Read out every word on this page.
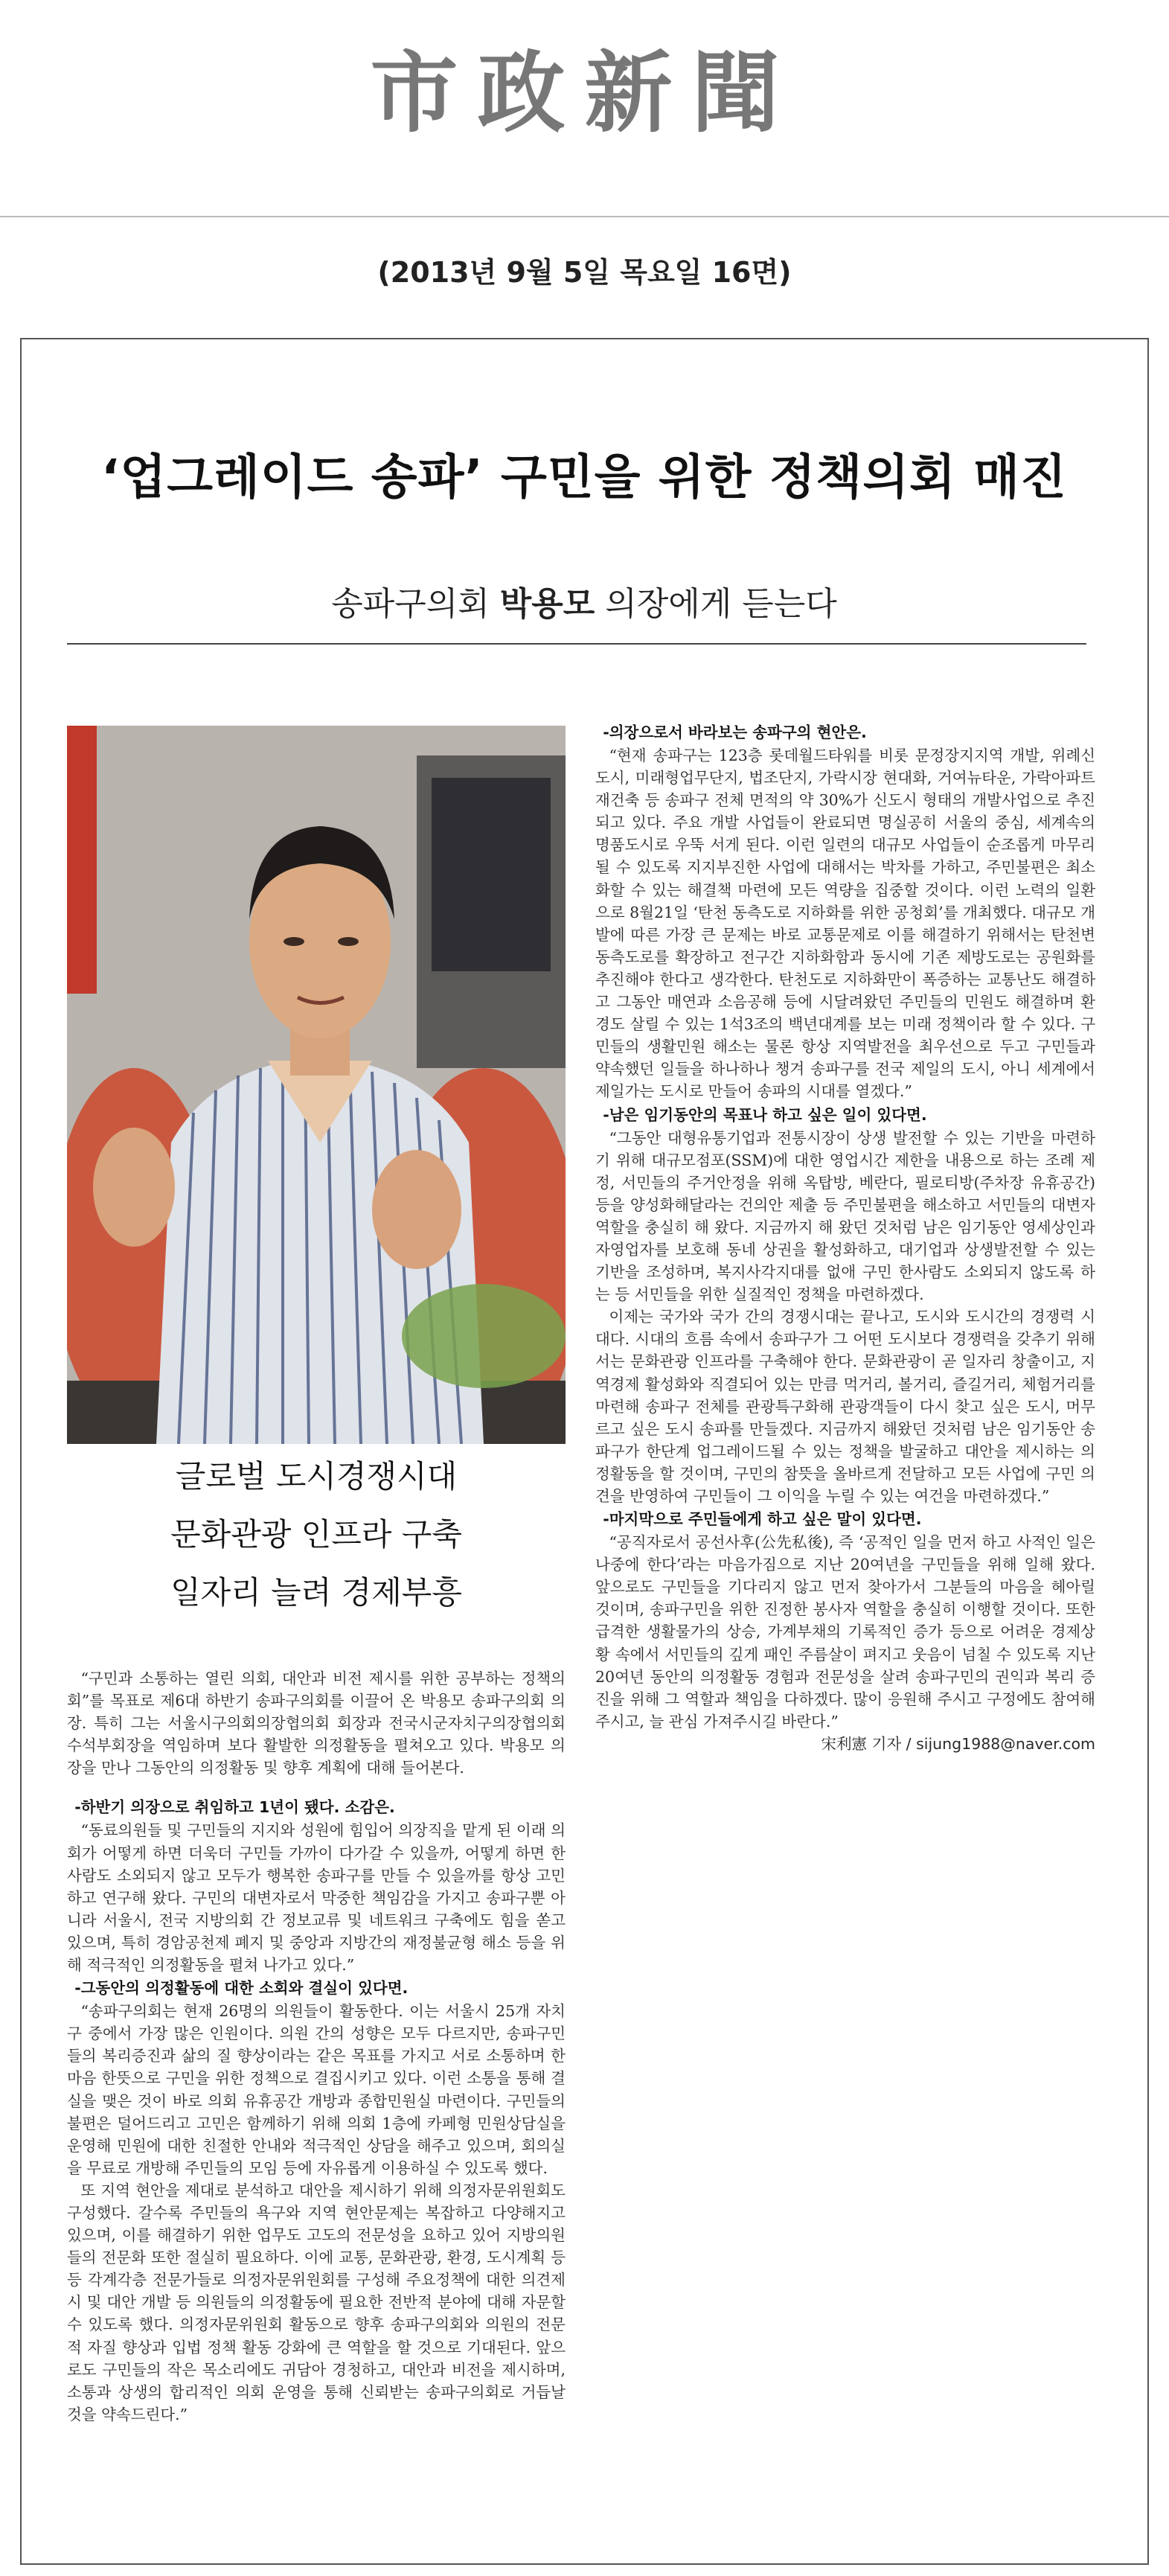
市政新聞
(2013년 9월 5일 목요일 16면)
‘업그레이드 송파’ 구민을 위한 정책의회 매진
송파구의회 박용모 의장에게 듣는다
글로벌 도시경쟁시대
문화관광 인프라 구축
일자리 늘려 경제부흥

“구민과 소통하는 열린 의회, 대안과 비전 제시를 위한 공부하는 정책의회”를 목표로 제6대 하반기 송파구의회를 이끌어 온 박용모 송파구의회 의장. 특히 그는 서울시구의회의장협의회 회장과 전국시군자치구의장협의회 수석부회장을 역임하며 보다 활발한 의정활동을 펼쳐오고 있다. 박용모 의장을 만나 그동안의 의정활동 및 향후 계획에 대해 들어본다.

-하반기 의장으로 취임하고 1년이 됐다. 소감은.

“동료의원들 및 구민들의 지지와 성원에 힘입어 의장직을 맡게 된 이래 의회가 어떻게 하면 더욱더 구민들 가까이 다가갈 수 있을까, 어떻게 하면 한사람도 소외되지 않고 모두가 행복한 송파구를 만들 수 있을까를 항상 고민하고 연구해 왔다. 구민의 대변자로서 막중한 책임감을 가지고 송파구뿐 아니라 서울시, 전국 지방의회 간 정보교류 및 네트워크 구축에도 힘을 쏟고 있으며, 특히 경암공천제 폐지 및 중앙과 지방간의 재정불균형 해소 등을 위해 적극적인 의정활동을 펼쳐 나가고 있다.”

-그동안의 의정활동에 대한 소회와 결실이 있다면.

“송파구의회는 현재 26명의 의원들이 활동한다. 이는 서울시 25개 자치구 중에서 가장 많은 인원이다. 의원 간의 성향은 모두 다르지만, 송파구민들의 복리증진과 삶의 질 향상이라는 같은 목표를 가지고 서로 소통하며 한마음 한뜻으로 구민을 위한 정책으로 결집시키고 있다. 이런 소통을 통해 결실을 맺은 것이 바로 의회 유휴공간 개방과 종합민원실 마련이다. 구민들의 불편은 덜어드리고 고민은 함께하기 위해 의회 1층에 카페형 민원상담실을 운영해 민원에 대한 친절한 안내와 적극적인 상담을 해주고 있으며, 회의실을 무료로 개방해 주민들의 모임 등에 자유롭게 이용하실 수 있도록 했다.

또 지역 현안을 제대로 분석하고 대안을 제시하기 위해 의정자문위원회도 구성했다. 갈수록 주민들의 욕구와 지역 현안문제는 복잡하고 다양해지고 있으며, 이를 해결하기 위한 업무도 고도의 전문성을 요하고 있어 지방의원들의 전문화 또한 절실히 필요하다. 이에 교통, 문화관광, 환경, 도시계획 등등 각계각층 전문가들로 의정자문위원회를 구성해 주요정책에 대한 의견제시 및 대안 개발 등 의원들의 의정활동에 필요한 전반적 분야에 대해 자문할 수 있도록 했다. 의정자문위원회 활동으로 향후 송파구의회와 의원의 전문적 자질 향상과 입법 정책 활동 강화에 큰 역할을 할 것으로 기대된다. 앞으로도 구민들의 작은 목소리에도 귀담아 경청하고, 대안과 비전을 제시하며, 소통과 상생의 합리적인 의회 운영을 통해 신뢰받는 송파구의회로 거듭날 것을 약속드린다.”

-의장으로서 바라보는 송파구의 현안은.

“현재 송파구는 123층 롯데월드타워를 비롯 문정장지지역 개발, 위례신도시, 미래형업무단지, 법조단지, 가락시장 현대화, 거여뉴타운, 가락아파트 재건축 등 송파구 전체 면적의 약 30%가 신도시 형태의 개발사업으로 추진되고 있다. 주요 개발 사업들이 완료되면 명실공히 서울의 중심, 세계속의 명품도시로 우뚝 서게 된다. 이런 일련의 대규모 사업들이 순조롭게 마무리될 수 있도록 지지부진한 사업에 대해서는 박차를 가하고, 주민불편은 최소화할 수 있는 해결책 마련에 모든 역량을 집중할 것이다. 이런 노력의 일환으로 8월21일 ‘탄천 동측도로 지하화를 위한 공청회’를 개최했다. 대규모 개발에 따른 가장 큰 문제는 바로 교통문제로 이를 해결하기 위해서는 탄천변 동측도로를 확장하고 전구간 지하화함과 동시에 기존 제방도로는 공원화를 추진해야 한다고 생각한다. 탄천도로 지하화만이 폭증하는 교통난도 해결하고 그동안 매연과 소음공해 등에 시달려왔던 주민들의 민원도 해결하며 환경도 살릴 수 있는 1석3조의 백년대계를 보는 미래 정책이라 할 수 있다. 구민들의 생활민원 해소는 물론 항상 지역발전을 최우선으로 두고 구민들과 약속했던 일들을 하나하나 챙겨 송파구를 전국 제일의 도시, 아니 세계에서 제일가는 도시로 만들어 송파의 시대를 열겠다.”

-남은 임기동안의 목표나 하고 싶은 일이 있다면.

“그동안 대형유통기업과 전통시장이 상생 발전할 수 있는 기반을 마련하기 위해 대규모점포(SSM)에 대한 영업시간 제한을 내용으로 하는 조례 제정, 서민들의 주거안정을 위해 옥탑방, 베란다, 필로티방(주차장 유휴공간) 등을 양성화해달라는 건의안 제출 등 주민불편을 해소하고 서민들의 대변자 역할을 충실히 해 왔다. 지금까지 해 왔던 것처럼 남은 임기동안 영세상인과 자영업자를 보호해 동네 상권을 활성화하고, 대기업과 상생발전할 수 있는 기반을 조성하며, 복지사각지대를 없애 구민 한사람도 소외되지 않도록 하는 등 서민들을 위한 실질적인 정책을 마련하겠다.

이제는 국가와 국가 간의 경쟁시대는 끝나고, 도시와 도시간의 경쟁력 시대다. 시대의 흐름 속에서 송파구가 그 어떤 도시보다 경쟁력을 갖추기 위해서는 문화관광 인프라를 구축해야 한다. 문화관광이 곧 일자리 창출이고, 지역경제 활성화와 직결되어 있는 만큼 먹거리, 볼거리, 즐길거리, 체험거리를 마련해 송파구 전체를 관광특구화해 관광객들이 다시 찾고 싶은 도시, 머무르고 싶은 도시 송파를 만들겠다. 지금까지 해왔던 것처럼 남은 임기동안 송파구가 한단계 업그레이드될 수 있는 정책을 발굴하고 대안을 제시하는 의정활동을 할 것이며, 구민의 참뜻을 올바르게 전달하고 모든 사업에 구민 의견을 반영하여 구민들이 그 이익을 누릴 수 있는 여건을 마련하겠다.”

-마지막으로 주민들에게 하고 싶은 말이 있다면.

“공직자로서 공선사후(公先私後), 즉 ‘공적인 일을 먼저 하고 사적인 일은 나중에 한다’라는 마음가짐으로 지난 20여년을 구민들을 위해 일해 왔다. 앞으로도 구민들을 기다리지 않고 먼저 찾아가서 그분들의 마음을 헤아릴 것이며, 송파구민을 위한 진정한 봉사자 역할을 충실히 이행할 것이다. 또한 급격한 생활물가의 상승, 가계부채의 기록적인 증가 등으로 어려운 경제상황 속에서 서민들의 깊게 패인 주름살이 펴지고 웃음이 넘칠 수 있도록 지난 20여년 동안의 의정활동 경험과 전문성을 살려 송파구민의 권익과 복리 증진을 위해 그 역할과 책임을 다하겠다. 많이 응원해 주시고 구정에도 참여해 주시고, 늘 관심 가져주시길 바란다.”

宋利憲 기자 / sijung1988@naver.com
